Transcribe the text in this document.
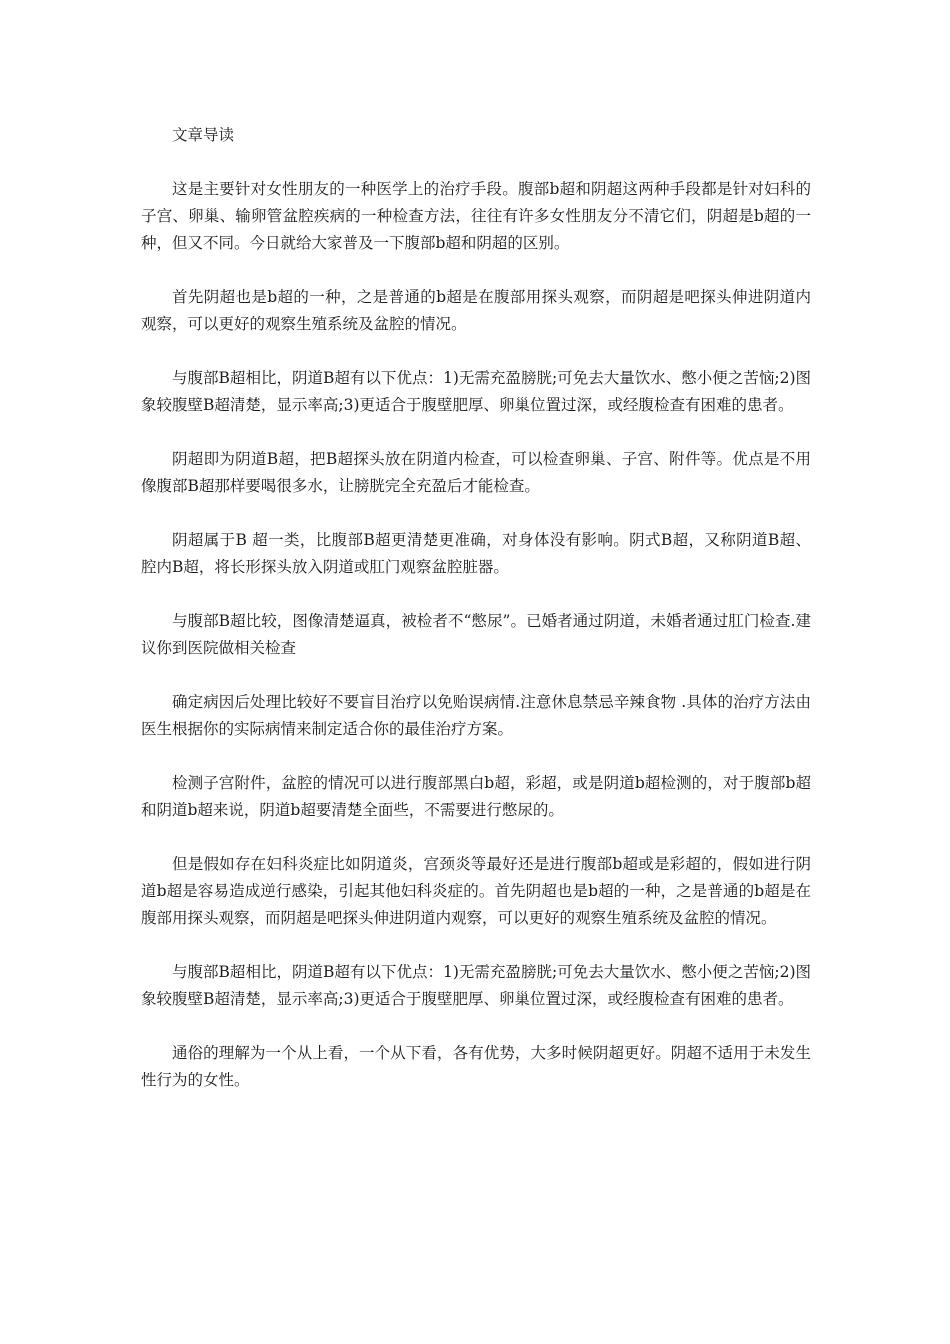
文章导读

这是主要针对女性朋友的一种医学上的治疗手段。腹部b超和阴超这两种手段都是针对妇科的子宫、卵巢、输卵管盆腔疾病的一种检查方法，往往有许多女性朋友分不清它们，阴超是b超的一种，但又不同。今日就给大家普及一下腹部b超和阴超的区别。

首先阴超也是b超的一种，之是普通的b超是在腹部用探头观察，而阴超是吧探头伸进阴道内观察，可以更好的观察生殖系统及盆腔的情况。

与腹部B超相比，阴道B超有以下优点：1)无需充盈膀胱;可免去大量饮水、憋小便之苦恼;2)图象较腹壁B超清楚，显示率高;3)更适合于腹壁肥厚、卵巢位置过深，或经腹检查有困难的患者。

阴超即为阴道B超，把B超探头放在阴道内检查，可以检查卵巢、子宫、附件等。优点是不用像腹部B超那样要喝很多水，让膀胱完全充盈后才能检查。

阴超属于B 超一类，比腹部B超更清楚更准确，对身体没有影响。阴式B超，又称阴道B超、腔内B超，将长形探头放入阴道或肛门观察盆腔脏器。

与腹部B超比较，图像清楚逼真，被检者不“憋尿”。已婚者通过阴道，未婚者通过肛门检查.建议你到医院做相关检查

确定病因后处理比较好不要盲目治疗以免贻误病情.注意休息禁忌辛辣食物 .具体的治疗方法由医生根据你的实际病情来制定适合你的最佳治疗方案。

检测子宫附件，盆腔的情况可以进行腹部黑白b超，彩超，或是阴道b超检测的，对于腹部b超和阴道b超来说，阴道b超要清楚全面些，不需要进行憋尿的。

但是假如存在妇科炎症比如阴道炎，宫颈炎等最好还是进行腹部b超或是彩超的，假如进行阴道b超是容易造成逆行感染，引起其他妇科炎症的。首先阴超也是b超的一种，之是普通的b超是在腹部用探头观察，而阴超是吧探头伸进阴道内观察，可以更好的观察生殖系统及盆腔的情况。

与腹部B超相比，阴道B超有以下优点：1)无需充盈膀胱;可免去大量饮水、憋小便之苦恼;2)图象较腹壁B超清楚，显示率高;3)更适合于腹壁肥厚、卵巢位置过深，或经腹检查有困难的患者。

通俗的理解为一个从上看，一个从下看，各有优势，大多时候阴超更好。阴超不适用于未发生性行为的女性。
